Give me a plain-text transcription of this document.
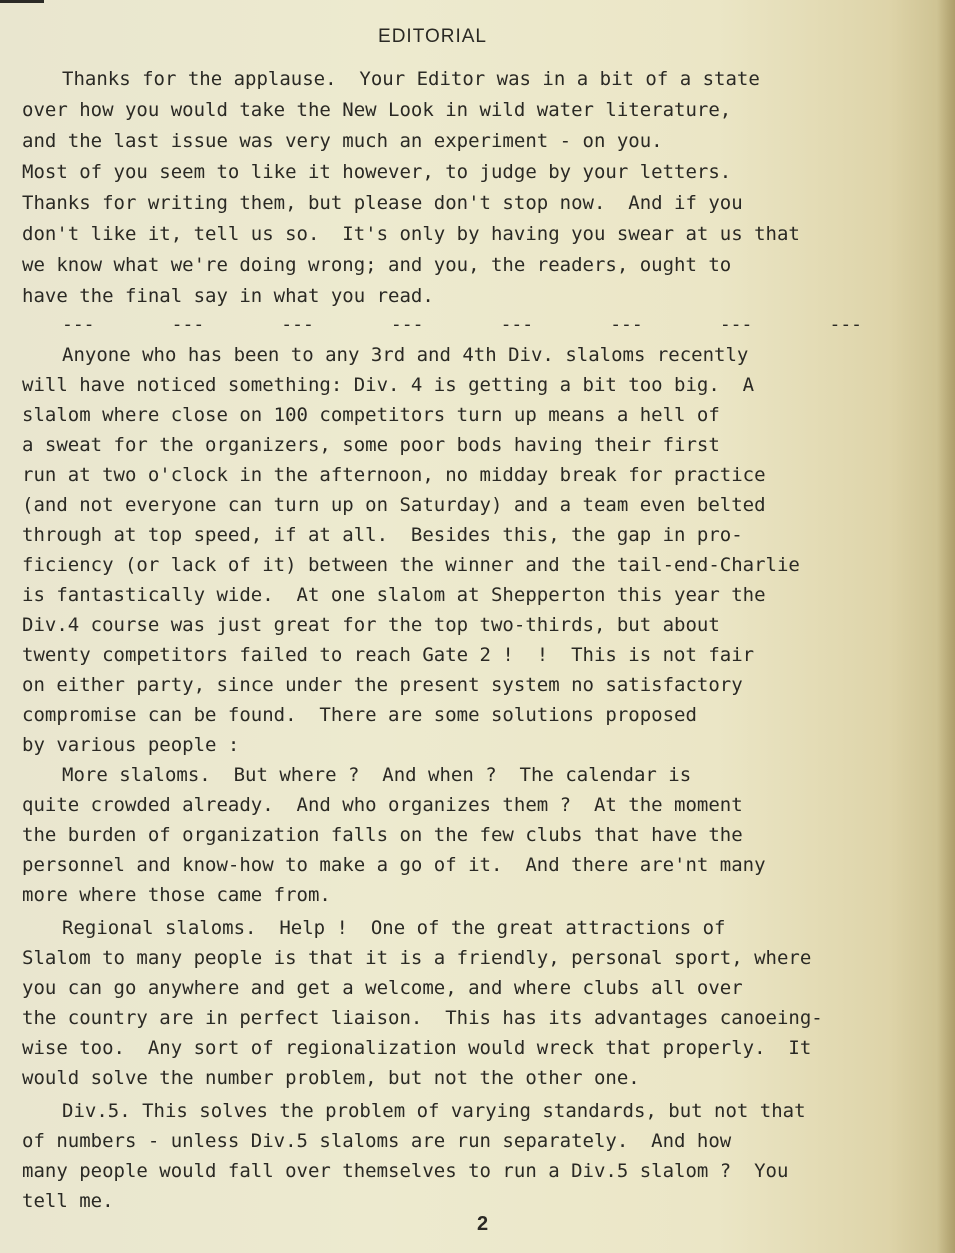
EDITORIAL
Thanks for the applause.  Your Editor was in a bit of a state
over how you would take the New Look in wild water literature,
and the last issue was very much an experiment - on you.
Most of you seem to like it however, to judge by your letters.
Thanks for writing them, but please don't stop now.  And if you
don't like it, tell us so.  It's only by having you swear at us that
we know what we're doing wrong; and you, the readers, ought to
have the final say in what you read.
---	---	---	---	---	---	---	---
Anyone who has been to any 3rd and 4th Div. slaloms recently
will have noticed something: Div. 4 is getting a bit too big.  A
slalom where close on 100 competitors turn up means a hell of
a sweat for the organizers, some poor bods having their first
run at two o'clock in the afternoon, no midday break for practice
(and not everyone can turn up on Saturday) and a team even belted
through at top speed, if at all.  Besides this, the gap in pro-
ficiency (or lack of it) between the winner and the tail-end-Charlie
is fantastically wide.  At one slalom at Shepperton this year the
Div.4 course was just great for the top two-thirds, but about
twenty competitors failed to reach Gate 2 !  !  This is not fair
on either party, since under the present system no satisfactory
compromise can be found.  There are some solutions proposed
by various people :
More slaloms.  But where ?  And when ?  The calendar is
quite crowded already.  And who organizes them ?  At the moment
the burden of organization falls on the few clubs that have the
personnel and know-how to make a go of it.  And there are'nt many
more where those came from.
Regional slaloms.  Help !  One of the great attractions of
Slalom to many people is that it is a friendly, personal sport, where
you can go anywhere and get a welcome, and where clubs all over
the country are in perfect liaison.  This has its advantages canoeing-
wise too.  Any sort of regionalization would wreck that properly.  It
would solve the number problem, but not the other one.
Div.5. This solves the problem of varying standards, but not that
of numbers - unless Div.5 slaloms are run separately.  And how
many people would fall over themselves to run a Div.5 slalom ?  You
tell me.
2
